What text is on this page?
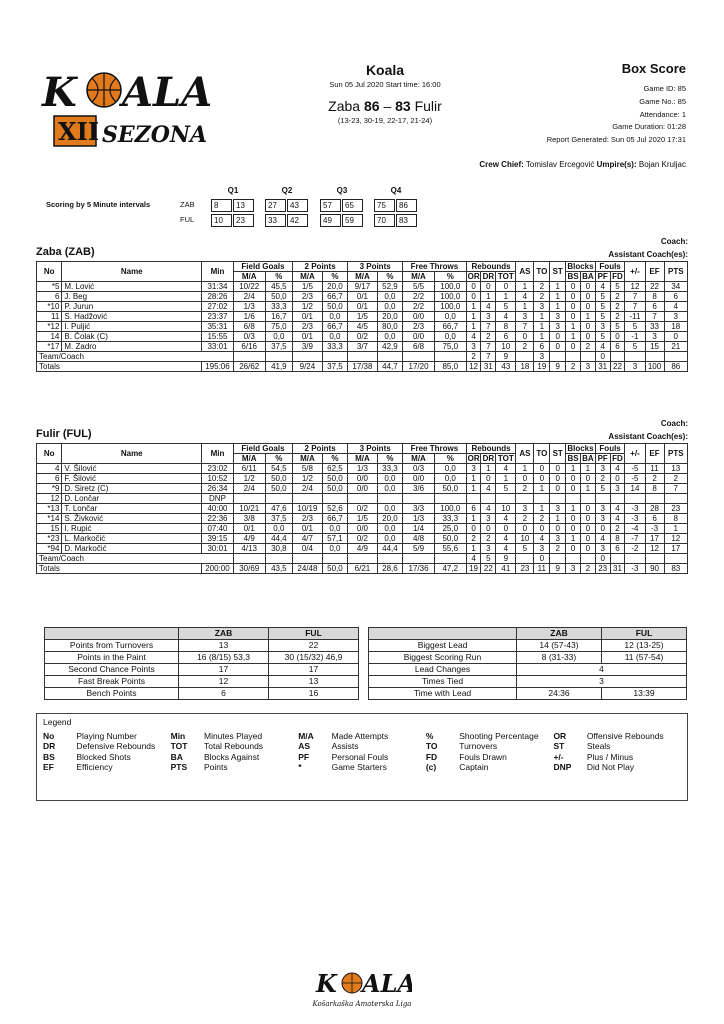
K ALA
XII SEZONA
Koala
Sun 05 Jul 2020 Start time: 16:00
Zaba 86 – 83 Fulir
(13-23, 30-19, 22-17, 21-24)
Box Score
Game ID: 85
Game No.: 85
Attendance: 1
Game Duration: 01:28
Report Generated: Sun 05 Jul 2020 17:31
Crew Chief: Tomislav Ercegović Umpire(s): Bojan Kruljac
Scoring by 5 Minute intervals	ZAB
FUL
Q1	Q2	Q3	Q4
8	13	27	43	57	65	75	86
10	23	33	42	49	59	70	83
Coach:
Zaba (ZAB)	Assistant Coach(es):
No	Name	Min	Field Goals		2 Points		3 Points		Free Throws		Rebounds			AS	TO	ST	Blocks		Fouls		+/-	EF	PTS
			M/A	%	M/A	%	M/A	%	M/A	%	OR	DR	TOT				BS	BA	PF	FD			
*5	M. Lović	31:34	10/22	45,5	1/5	20,0	9/17	52,9	5/5	100,0	0	0	0	1	2	1	0	0	4	5	12	22	34
6	J. Beg	28:26	2/4	50,0	2/3	66,7	0/1	0,0	2/2	100,0	0	1	1	4	2	1	0	0	5	2	7	8	6
*10	P. Jurun	27:02	1/3	33,3	1/2	50,0	0/1	0,0	2/2	100,0	1	4	5	1	3	1	0	0	5	2	7	6	4
11	S. Hadžović	23:37	1/6	16,7	0/1	0,0	1/5	20,0	0/0	0,0	1	3	4	3	1	3	0	1	5	2	-11	7	3
*12	I. Puljić	35:31	6/8	75,0	2/3	66,7	4/5	80,0	2/3	66,7	1	7	8	7	1	3	1	0	3	5	5	33	18
14	B. Čolak (C)	15:55	0/3	0,0	0/1	0,0	0/2	0,0	0/0	0,0	4	2	6	0	1	0	1	0	5	0	-1	3	0
*17	M. Zadro	33:01	6/16	37,5	3/9	33,3	3/7	42,9	6/8	75,0	3	7	10	2	6	0	0	2	4	6	5	15	21
Team/Coach											2	7	9		3				0				
Totals		195:06	26/62	41,9	9/24	37,5	17/38	44,7	17/20	85,0	12	31	43	18	19	9	2	3	31	22	3	100	86
Coach:
Fulir (FUL)	Assistant Coach(es):
No	Name	Min	Field Goals		2 Points		3 Points		Free Throws		Rebounds			AS	TO	ST	Blocks		Fouls		+/-	EF	PTS
			M/A	%	M/A	%	M/A	%	M/A	%	OR	DR	TOT				BS	BA	PF	FD			
4	V. Šilović	23:02	6/11	54,5	5/8	62,5	1/3	33,3	0/3	0,0	3	1	4	1	0	0	1	1	3	4	-5	11	13
6	F. Šilović	10:52	1/2	50,0	1/2	50,0	0/0	0,0	0/0	0,0	1	0	1	0	0	0	0	0	2	0	-5	2	2
*9	D. Siretz (C)	26:34	2/4	50,0	2/4	50,0	0/0	0,0	3/6	50,0	1	4	5	2	1	0	0	1	5	3	14	8	7
12	D. Lončar	DNP																					
*13	T. Lončar	40:00	10/21	47,6	10/19	52,6	0/2	0,0	3/3	100,0	6	4	10	3	1	3	1	0	3	4	-3	28	23
*14	S. Živković	22:36	3/8	37,5	2/3	66,7	1/5	20,0	1/3	33,3	1	3	4	2	2	1	0	0	3	4	-3	6	8
15	I. Rupić	07:40	0/1	0,0	0/1	0,0	0/0	0,0	1/4	25,0	0	0	0	0	0	0	0	0	0	2	-4	-3	1
*23	L. Markočić	39:15	4/9	44,4	4/7	57,1	0/2	0,0	4/8	50,0	2	2	4	10	4	3	1	0	4	8	-7	17	12
*94	D. Markočić	30:01	4/13	30,8	0/4	0,0	4/9	44,4	5/9	55,6	1	3	4	5	3	2	0	0	3	6	-2	12	17
Team/Coach											4	5	9		0				0				
Totals		200:00	30/69	43,5	24/48	50,0	6/21	28,6	17/36	47,2	19	22	41	23	11	9	3	2	23	31	-3	90	83
	ZAB	FUL
Points from Turnovers	13	22
Points in the Paint	16 (8/15) 53,3	30 (15/32) 46,9
Second Chance Points	17	17
Fast Break Points	12	13
Bench Points	6	16
	ZAB	FUL
Biggest Lead	14 (57-43)	12 (13-25)
Biggest Scoring Run	8 (31-33)	11 (57-54)
Lead Changes	4	
Times Tied	3	
Time with Lead	24:36	13:39
Legend
No	Playing Number	Min	Minutes Played	M/A	Made Attempts	%	Shooting Percentage	OR	Offensive Rebounds
DR	Defensive Rebounds	TOT	Total Rebounds	AS	Assists	TO	Turnovers	ST	Steals
BS	Blocked Shots	BA	Blocks Against	PF	Personal Fouls	FD	Fouls Drawn	+/-	Plus / Minus
EF	Efficiency	PTS	Points	*	Game Starters	(c)	Captain	DNP	Did Not Play
K ALA
Košarkaška Amaterska Liga
